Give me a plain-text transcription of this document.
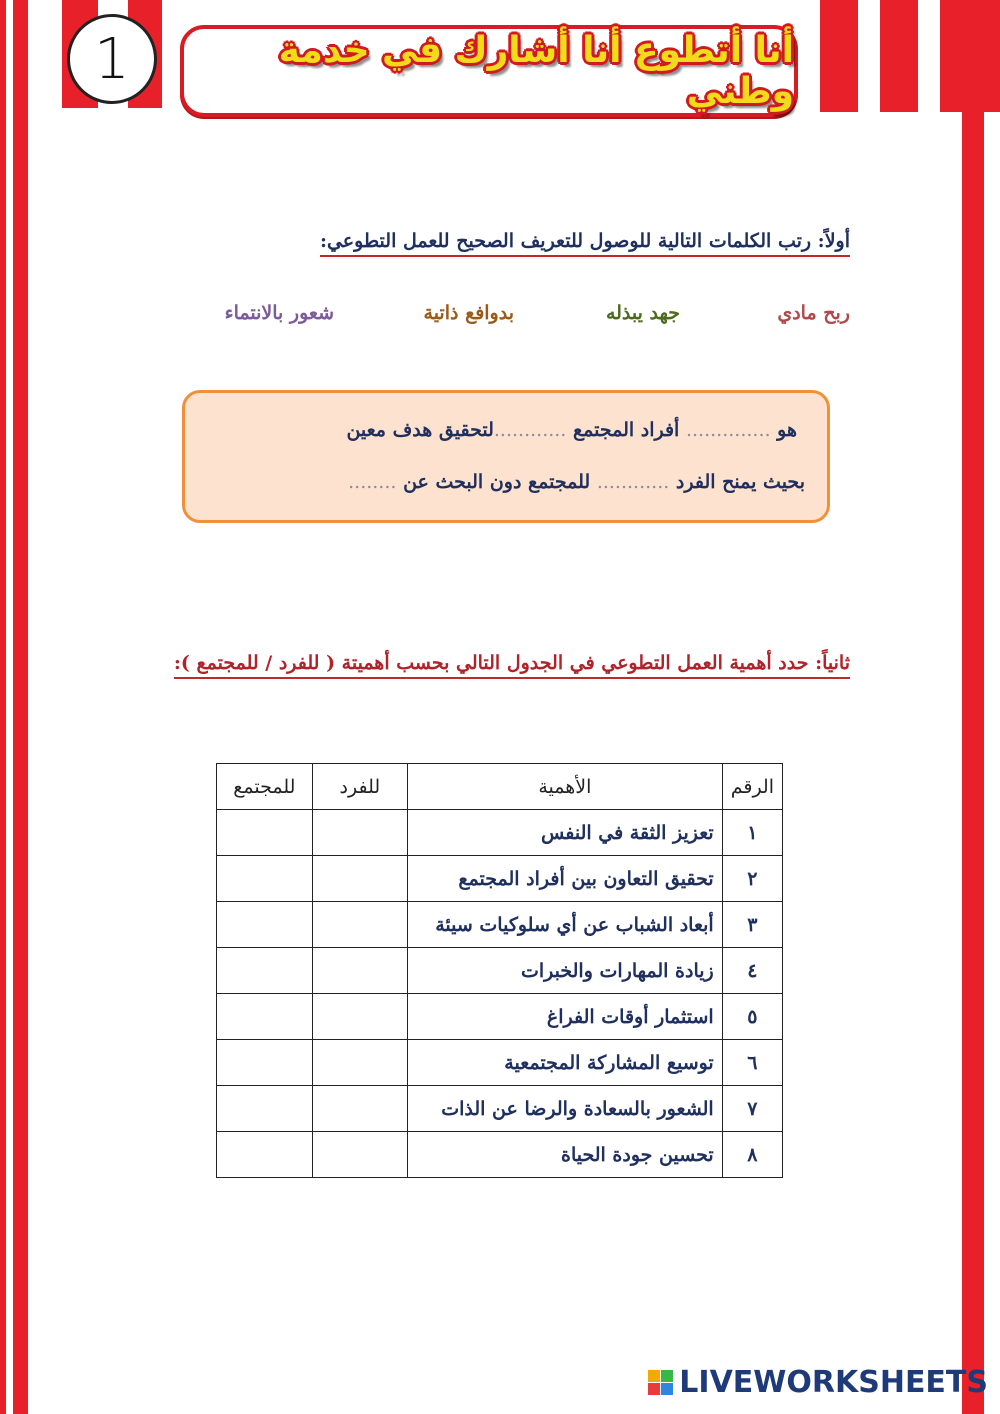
1	أنا أتطوع أنا أشارك في خدمة وطني
أولاً: رتب الكلمات التالية للوصول للتعريف الصحيح للعمل التطوعي:
ربح مادي
جهد يبذله
بدوافع ذاتية
شعور بالانتماء
هو .............. أفراد المجتمع ............لتحقيق هدف معين
بحيث يمنح الفرد ............ للمجتمع دون البحث عن ........
ثانياً: حدد أهمية العمل التطوعي في الجدول التالي بحسب أهميتة ( للفرد / للمجتمع ):
الرقم	الأهمية	للفرد	للمجتمع
١	تعزيز الثقة في النفس		
٢	تحقيق التعاون بين أفراد المجتمع		
٣	أبعاد الشباب عن أي سلوكيات سيئة		
٤	زيادة المهارات والخبرات		
٥	استثمار أوقات الفراغ		
٦	توسيع المشاركة المجتمعية		
٧	الشعور بالسعادة والرضا عن الذات		
٨	تحسين جودة الحياة		
LIVEWORKSHEETS
